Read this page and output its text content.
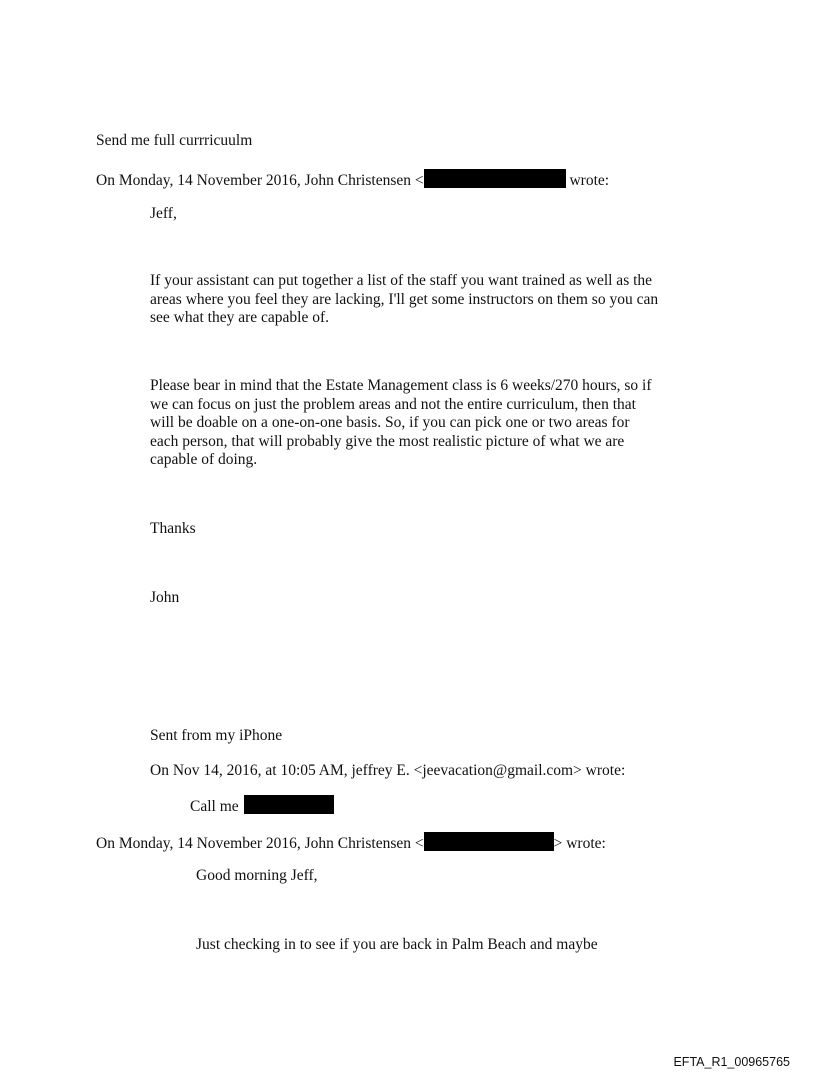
Send me full currricuulm
On Monday, 14 November 2016, John Christensen <	wrote:
Jeff,
If your assistant can put together a list of the staff you want trained as well as the
areas where you feel they are lacking, I'll get some instructors on them so you can
see what they are capable of.
Please bear in mind that the Estate Management class is 6 weeks/270 hours, so if
we can focus on just the problem areas and not the entire curriculum, then that
will be doable on a one-on-one basis. So, if you can pick one or two areas for
each person, that will probably give the most realistic picture of what we are
capable of doing.
Thanks
John
Sent from my iPhone
On Nov 14, 2016, at 10:05 AM, jeffrey E. <jeevacation@gmail.com> wrote:
Call me
On Monday, 14 November 2016, John Christensen <	> wrote:
Good morning Jeff,
Just checking in to see if you are back in Palm Beach and maybe
EFTA_R1_00965765
